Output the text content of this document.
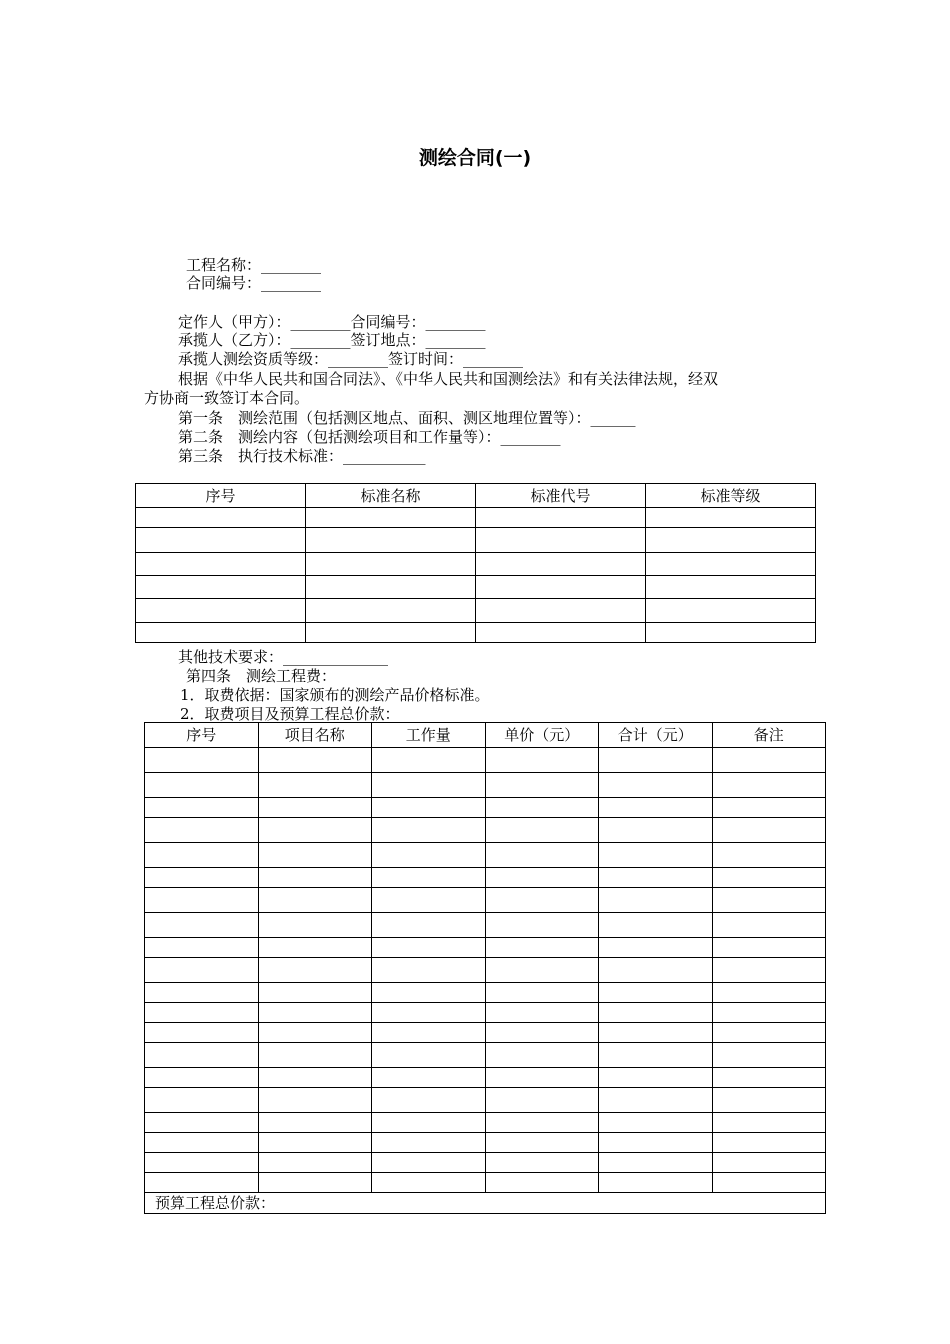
测绘合同(一)
工程名称：________
合同编号：________
定作人（甲方）：________合同编号：________
承揽人（乙方）：________签订地点：________
承揽人测绘资质等级：________签订时间：________
根据《中华人民共和国合同法》、《中华人民共和国测绘法》和有关法律法规，经双
方协商一致签订本合同。
第一条　测绘范围（包括测区地点、面积、测区地理位置等）：______
第二条　测绘内容（包括测绘项目和工作量等）：________
第三条　执行技术标准：___________
序号	标准名称	标准代号	标准等级

其他技术要求：______________
第四条　测绘工程费：
1．取费依据：国家颁布的测绘产品价格标准。
2．取费项目及预算工程总价款：
序号	项目名称	工作量	单价（元）	合计（元）	备注

预算工程总价款：					
